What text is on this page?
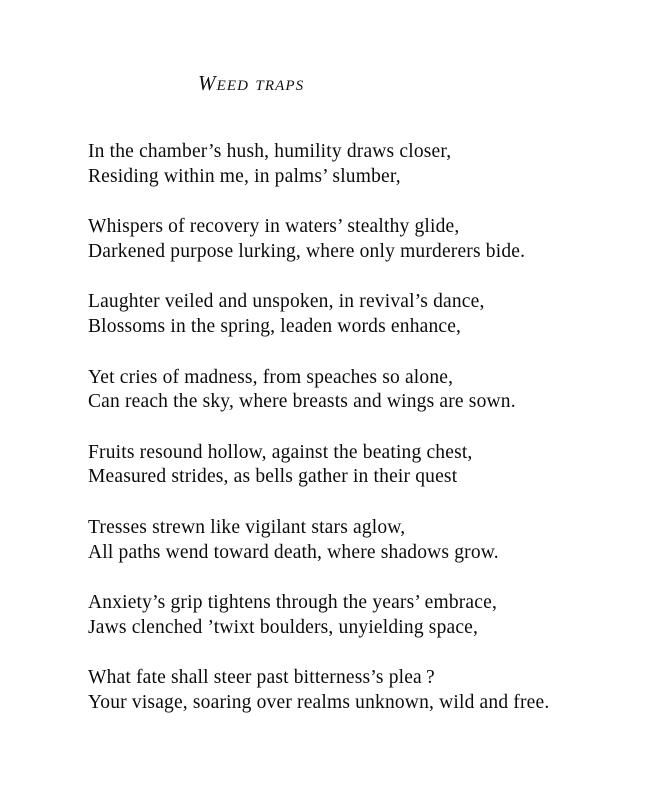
Weed traps
In the chamber’s hush, humility draws closer,
Residing within me, in palms’ slumber,
Whispers of recovery in waters’ stealthy glide,
Darkened purpose lurking, where only murderers bide.
Laughter veiled and unspoken, in revival’s dance,
Blossoms in the spring, leaden words enhance,
Yet cries of madness, from speaches so alone,
Can reach the sky, where breasts and wings are sown.
Fruits resound hollow, against the beating chest,
Measured strides, as bells gather in their quest
Tresses strewn like vigilant stars aglow,
All paths wend toward death, where shadows grow.
Anxiety’s grip tightens through the years’ embrace,
Jaws clenched ’twixt boulders, unyielding space,
What fate shall steer past bitterness’s plea ?
Your visage, soaring over realms unknown, wild and free.
